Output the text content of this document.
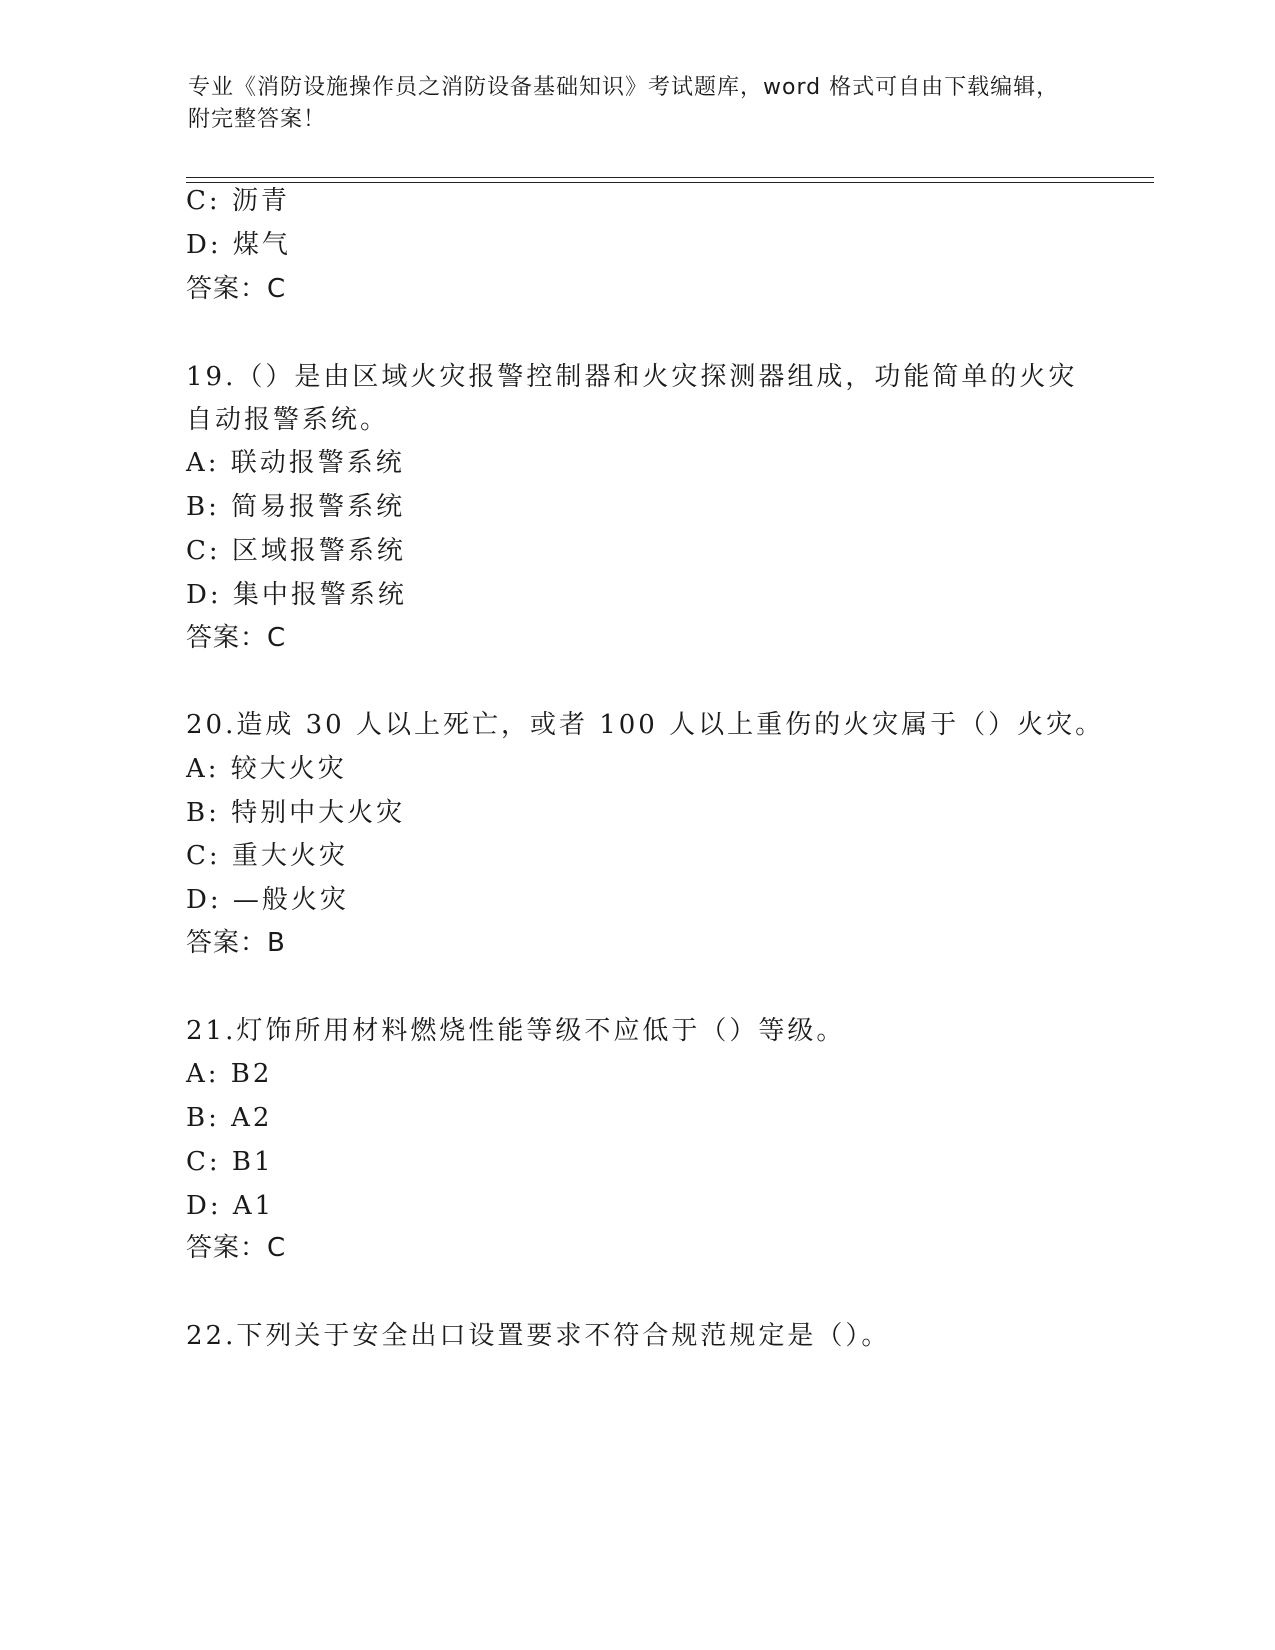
专业《消防设施操作员之消防设备基础知识》考试题库，word 格式可自由下载编辑，附完整答案！
C: 沥青
D: 煤气
答案：C
19.（）是由区域火灾报警控制器和火灾探测器组成，功能简单的火灾
自动报警系统。
A: 联动报警系统
B: 简易报警系统
C: 区域报警系统
D: 集中报警系统
答案：C
20.造成 30 人以上死亡，或者 100 人以上重伤的火灾属于（）火灾。
A: 较大火灾
B: 特别中大火灾
C: 重大火灾
D: —般火灾
答案：B
21.灯饰所用材料燃烧性能等级不应低于（）等级。
A: B2
B: A2
C: B1
D: A1
答案：C
22.下列关于安全出口设置要求不符合规范规定是（）。
